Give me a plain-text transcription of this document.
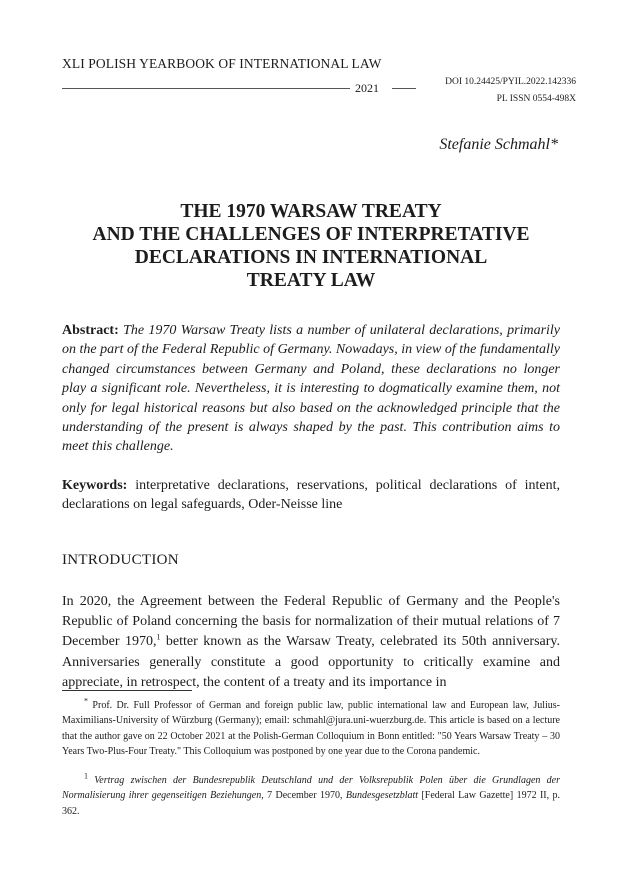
XLI POLISH YEARBOOK OF INTERNATIONAL LAW
2021	DOI 10.24425/PYIL.2022.142336
PL ISSN 0554-498X
Stefanie Schmahl*
THE 1970 WARSAW TREATY
AND THE CHALLENGES OF INTERPRETATIVE
DECLARATIONS IN INTERNATIONAL
TREATY LAW
Abstract: The 1970 Warsaw Treaty lists a number of unilateral declarations, primarily on the part of the Federal Republic of Germany. Nowadays, in view of the fundamentally changed circumstances between Germany and Poland, these declarations no longer play a significant role. Nevertheless, it is interesting to dogmatically examine them, not only for legal historical reasons but also based on the acknowledged principle that the understanding of the present is always shaped by the past. This contribution aims to meet this challenge.
Keywords: interpretative declarations, reservations, political declarations of intent, declarations on legal safeguards, Oder-Neisse line
INTRODUCTION
In 2020, the Agreement between the Federal Republic of Germany and the People's Republic of Poland concerning the basis for normalization of their mutual relations of 7 December 1970,$^1$ better known as the Warsaw Treaty, celebrated its 50th anniversary. Anniversaries generally constitute a good opportunity to critically examine and appreciate, in retrospect, the content of a treaty and its importance in
* Prof. Dr. Full Professor of German and foreign public law, public international law and European law, Julius-Maximilians-University of Würzburg (Germany); email: schmahl@jura.uni-wuerzburg.de. This article is based on a lecture that the author gave on 22 October 2021 at the Polish-German Colloquium in Bonn entitled: "50 Years Warsaw Treaty – 30 Years Two-Plus-Four Treaty." This Colloquium was postponed by one year due to the Corona pandemic.
$^1$ Vertrag zwischen der Bundesrepublik Deutschland und der Volksrepublik Polen über die Grundlagen der Normalisierung ihrer gegenseitigen Beziehungen, 7 December 1970, Bundesgesetzblatt [Federal Law Gazette] 1972 II, p. 362.
